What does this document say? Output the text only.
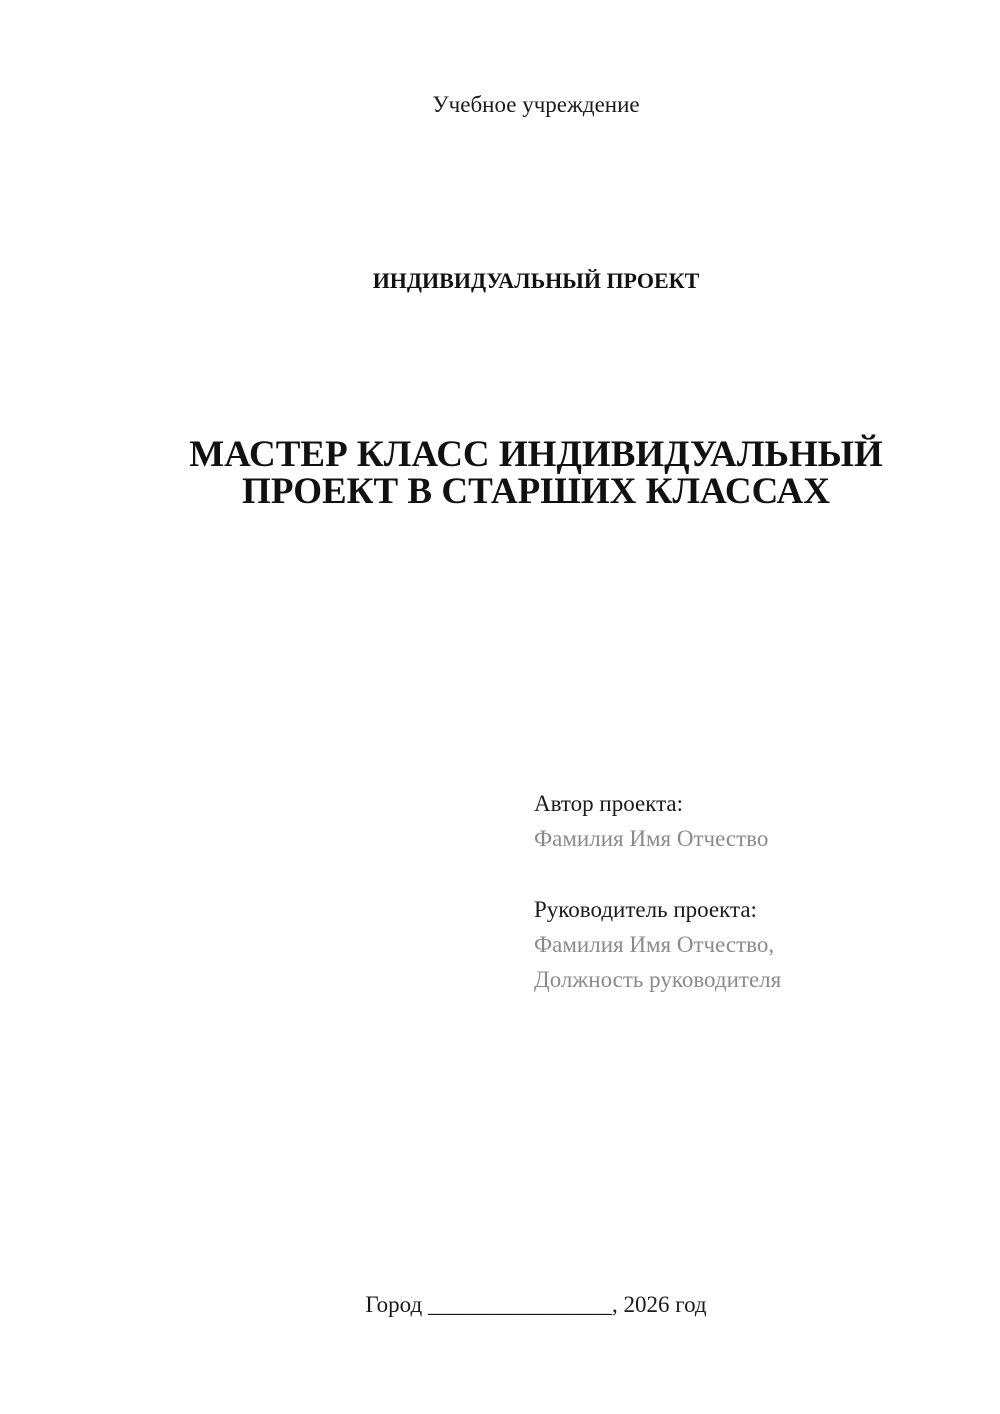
Учебное учреждение
ИНДИВИДУАЛЬНЫЙ ПРОЕКТ
МАСТЕР КЛАСС ИНДИВИДУАЛЬНЫЙ
ПРОЕКТ В СТАРШИХ КЛАССАХ
Автор проекта:
Фамилия Имя Отчество
Руководитель проекта:
Фамилия Имя Отчество,
Должность руководителя
Город ________________, 2026 год
